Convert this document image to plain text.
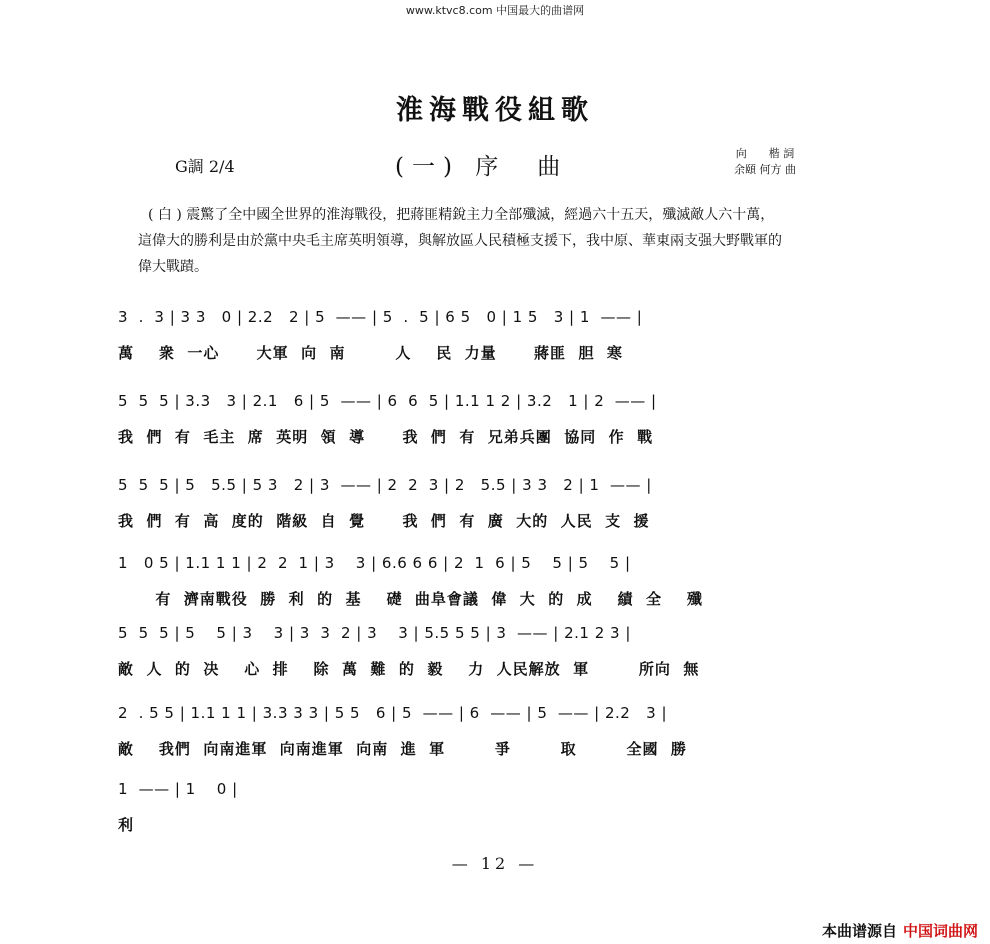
www.ktvc8.com 中国最大的曲谱网
淮海戰役組歌
G調 2/4	(一) 序　曲
向　　楷 詞
余頤 何方 曲

( 白 ) 震驚了全中國全世界的淮海戰役，把蔣匪精銳主力全部殲滅，經過六十五天，殲滅敵人六十萬，

這偉大的勝利是由於黨中央毛主席英明領導，與解放區人民積極支援下，我中原、華東兩支强大野戰軍的

偉大戰蹟。

3  .  3 | 3 3   0 | 2.2   2 | 5  —— | 5  .  5 | 6 5   0 | 1 5   3 | 1  —— |
萬    衆  一心      大軍  向  南        人    民  力量      蔣匪  胆  寒
5  5  5 | 3.3   3 | 2.1   6 | 5  —— | 6  6  5 | 1.1 1 2 | 3.2   1 | 2  —— |
我  們  有  毛主  席  英明  領  導      我  們  有  兄弟兵團  協同  作  戰
5  5  5 | 5   5.5 | 5 3   2 | 3  —— | 2  2  3 | 2   5.5 | 3 3   2 | 1  —— |
我  們  有  高  度的  階級  自  覺      我  們  有  廣  大的  人民  支  援
1   0 5 | 1.1 1 1 | 2  2  1 | 3    3 | 6.6 6 6 | 2  1  6 | 5    5 | 5    5 |
有  濟南戰役  勝  利  的  基    礎  曲阜會議  偉  大  的  成    績  全    殲
5  5  5 | 5    5 | 3    3 | 3  3  2 | 3    3 | 5.5 5 5 | 3  —— | 2.1 2 3 |
敵  人  的  决    心  排    除  萬  難  的  毅    力  人民解放  軍        所向  無
2  . 5 5 | 1.1 1 1 | 3.3 3 3 | 5 5   6 | 5  —— | 6  —— | 5  —— | 2.2   3 |
敵    我們  向南進軍  向南進軍  向南  進  軍        爭        取        全國  勝
1  —— | 1    0 |
利
— 12 —
本曲谱源自 中国词曲网
